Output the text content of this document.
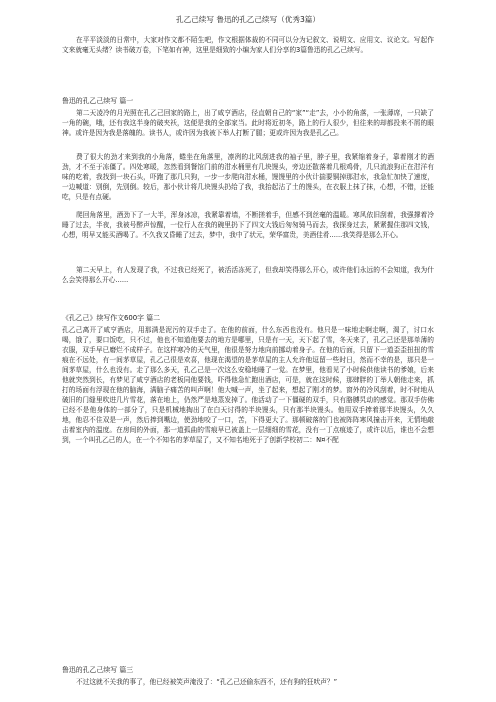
孔乙己续写 鲁迅的孔乙己续写（优秀3篇）
在平平淡淡的日常中，大家对作文都不陌生吧，作文根据体裁的不同可以分为记叙文、说明文、应用文、议论文。写起作文来就毫无头绪？读书破万卷，下笔如有神，这里是细致的小编为家人们分享的3篇鲁迅的孔乙己续写。
鲁迅的孔乙己续写 篇一
第二天凌冷的月光照在孔乙己回家的路上，出了咸亨酒店，径直朝自己的“家”“走”去，小小的角落，一张薄席，一只缺了一角的碗，哦，还有我这半身的破夹袄，这便是我的全部家当。此时将近初冬，路上的行人很少，但往来的却都投来不屑的眼神。或许是因为我是落魄的。读书人，或许因为我被下举人打断了腿；更或许因为我是孔乙己。
费了很大的劲才来到我的小角落，蜷坐在角落里，凛冽的北风刮进我的袖子里，脖子里，我紧缩着身子，靠着刚才的酒劲，才不至于冻僵了。四处寒暖，忽然看到餐馆门前的泔水桶里有几块馒头，旁边还散落着几根鸡骨，几只流浪狗正在泔洋有味的吃着，我找到一块石头，吓跑了那几只狗，一步一步爬向泔水桶，馒馒里的小伙计揣要铜掉那泔水，我急忙加快了速度，一边喊道：别倒，先别倒。较后，那小伙计将几块馒头扔给了我，我抬起沾了土的馒头，在衣服上抹了抹，心想，不错，还能吃，只是有点硬。
爬回角落里，酒劲下了一大半，浑身冰凉，我紧靠着墙，不断搓着手，但感不到丝毫的温暖。寒风依旧刮着，我强撑着冷睡了过去，半夜，我被号醉声惊醒，一位行人在我的碗里扔下了四文大钱后匆匆骑马而去，我探身过去，紧紧握住那四文钱，心想，明早又能买酒喝了。不久我又昏睡了过去，梦中，我中了状元，荣华富贵，美酒佳肴......我笑得是那么开心。
第二天早上，有人发现了我，不过我已经死了，被活活冻死了，但我却笑得那么开心，或许他们永远的不会知道，我为什么会笑得那么开心......
《孔乙己》续写作文600字 篇二
孔乙己离开了咸亨酒店，用那满是泥污的双手走了。在他的前面，什么东西也没有。他只是一味地走啊走啊，渴了，讨口水喝，饿了，要口饭吃，只不过，他也不知道他要去的地方是哪里，只是有一天，天下起了雪，冬天来了，孔乙己还是那单薄的衣服，双手早已磨烂不成样子。在这样寒冷的天气里，他很是努力地向前挪动着身子。在他的后面，只留下一道歪歪扭扭的雪痕在不远处，有一间茅草屋，孔乙己很是欢喜，他现在渴望的是茅草屋的主人允许他逗留一些时日，然而不幸的是，那只是一间茅草屋，什么也没有。走了那么多天，孔乙己是一次这么安稳地睡了一觉。在梦里，他看见了小时候供他读书的爹娘，后来他就突然到长，有梦见了咸亨酒店的老板同他要钱，吓得他急忙跑出酒店，可是，就在这时候，那肆胖的丁举人朝他走来，抓打的场面有浮现在他的脑海，满脑子痛苦的叫声啊！他大喊一声，坐了起来，想起了刚才的梦。窗外的冷风刮着，时不时地从破旧的门缝里吹进几片雪花，落在地上，仍然严是地蒸发掉了。他活动了一下僵硬的双手，只有胳膊旯动的感觉。那双手仿佛已经不是他身体的一部分了，只是机械地掏出了在白天讨得的半块馒头，只有那半块馒头。他用双手捧着那半块馒头，久久地，他忍不住双是一声，然后捧到嘴边，使劲地咬了一口，苦，下得更大了。那顿破落的门也被阵阵寒风撞击开来，无情地敲击着室内的温度。在房间的外面，那一道孤曲的雪痕早已被盖上一层细细的雪花，没有一丁点痕迹了，或许以后，谁也不会想到，一个叫孔乙己的人，在一个不知名的茅草屋了，又不知名地死于了创新学校初二：N¤不配
鲁迅的孔乙己续写 篇三
不过这就不关我的事了，他已经被笑声淹没了：“孔乙己还偷东西不，还有狗的狂吠声？”
